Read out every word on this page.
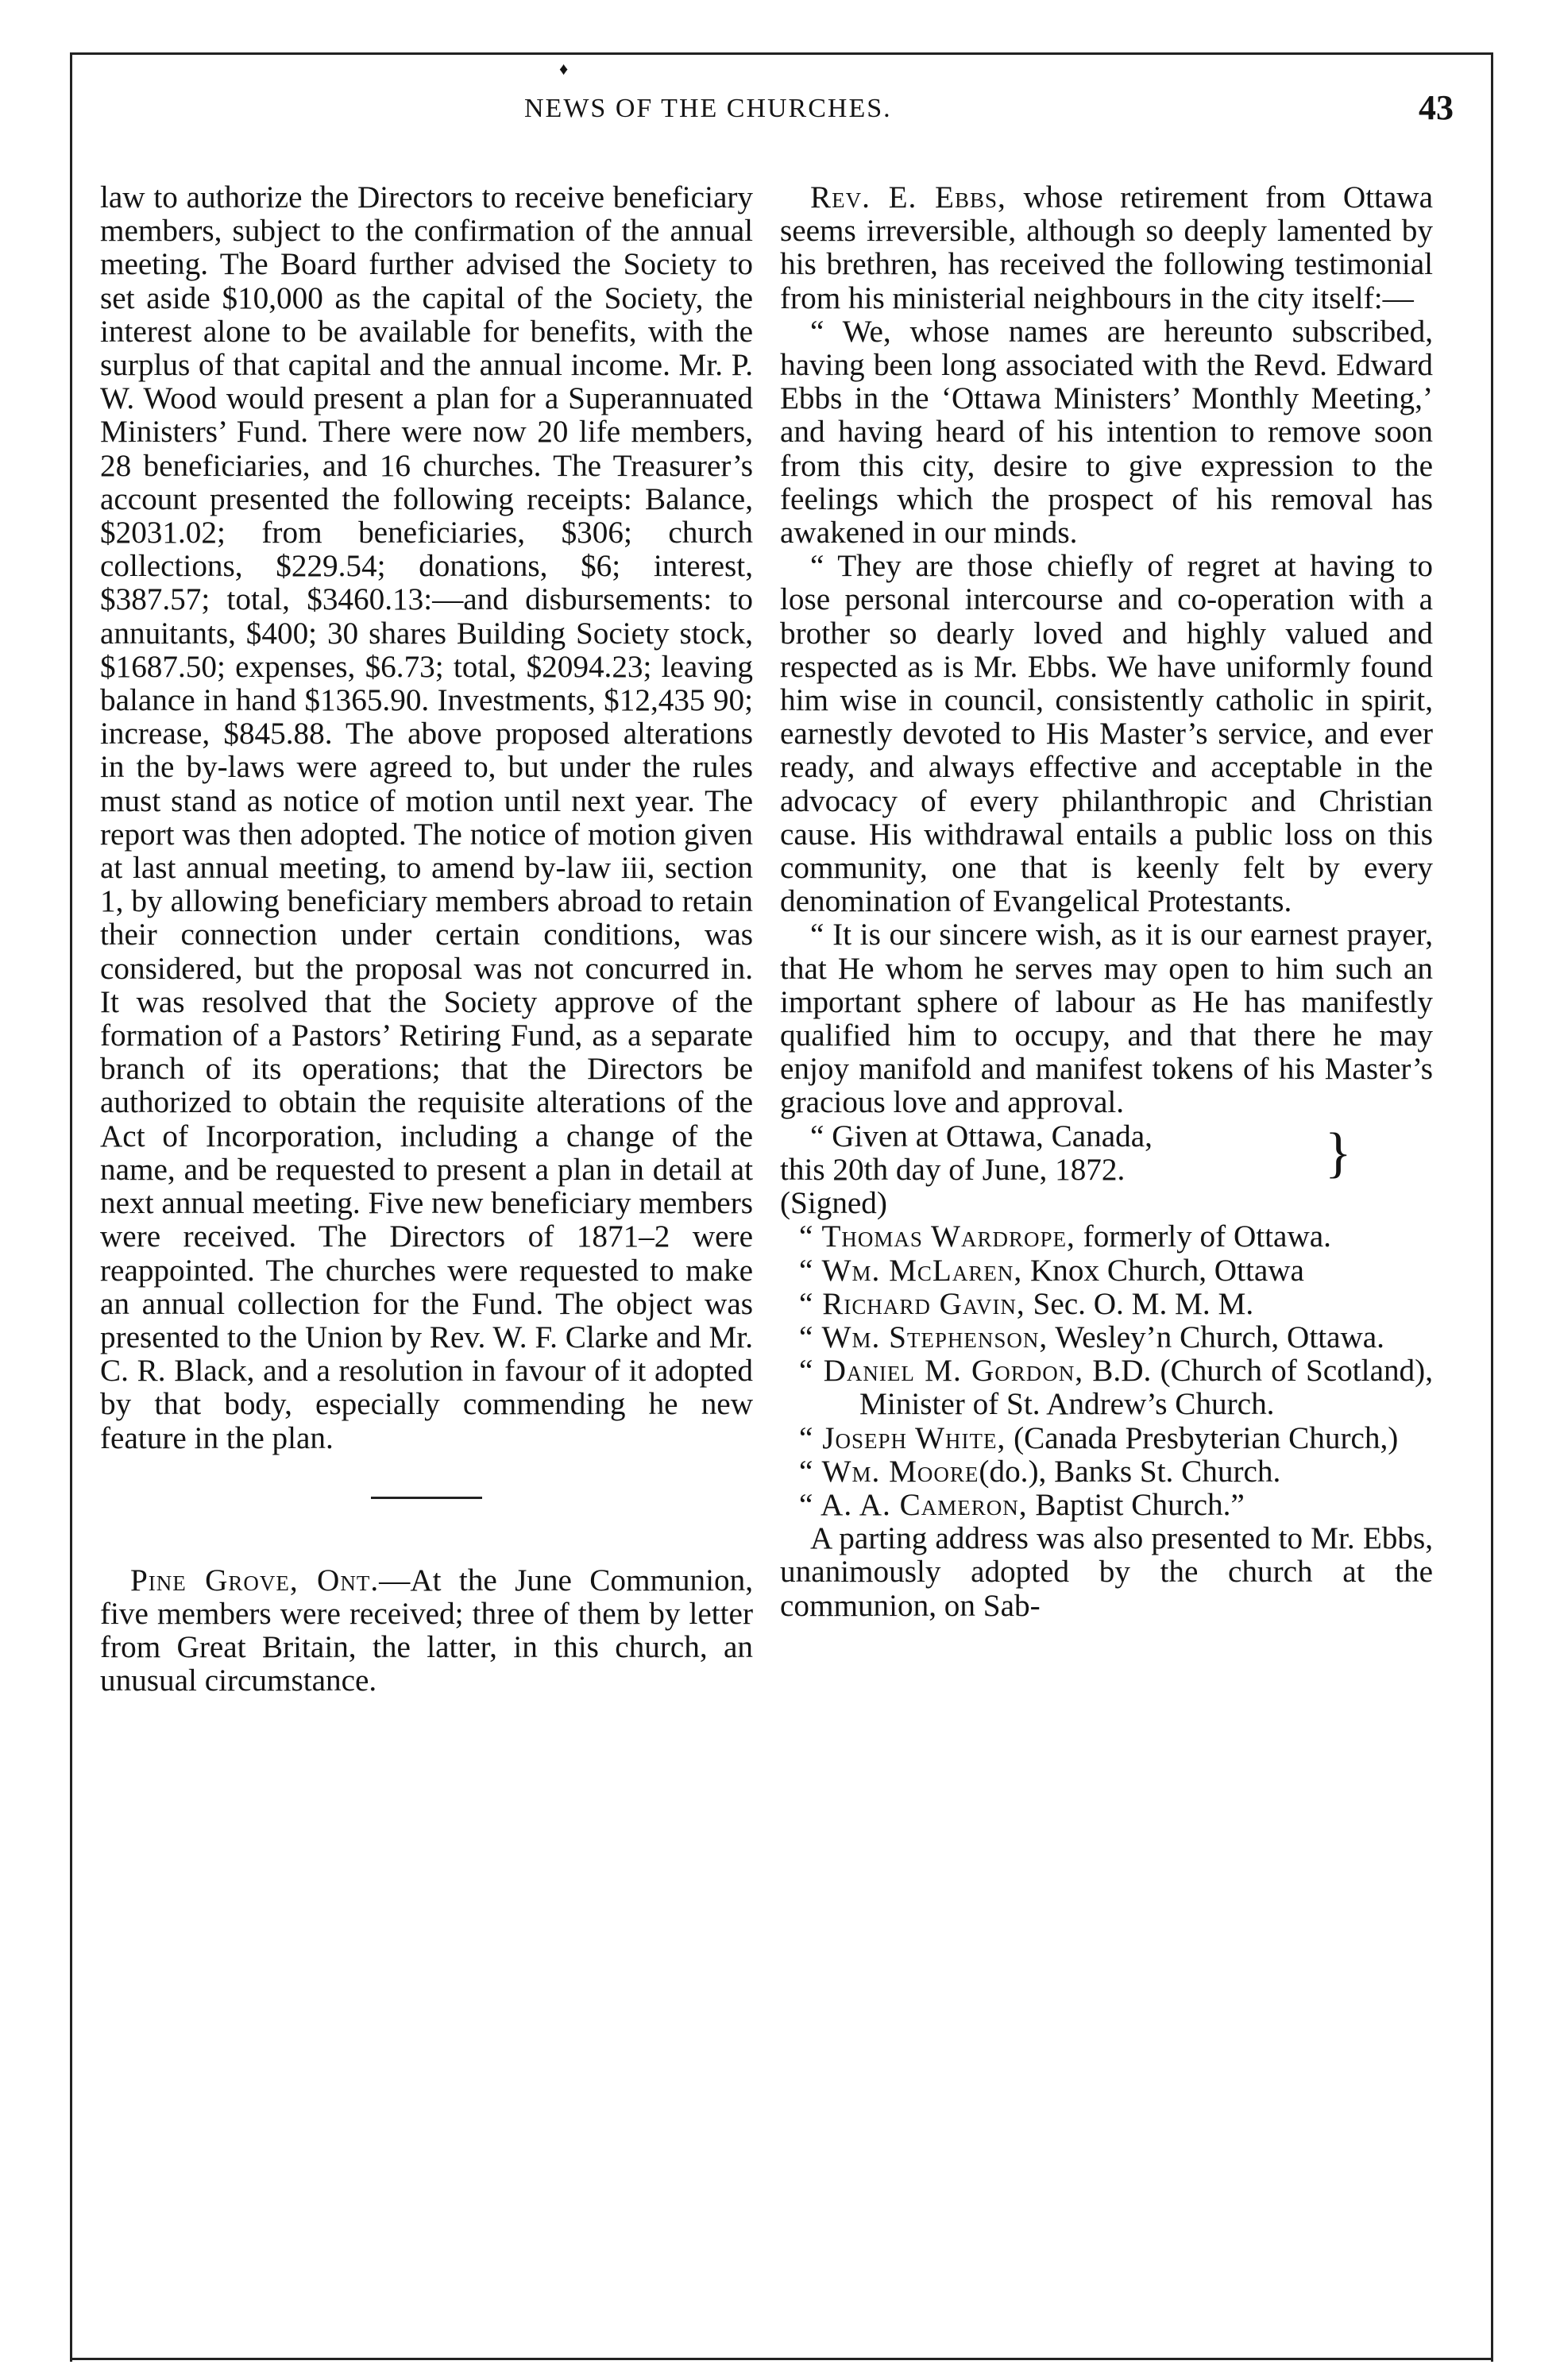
♦
NEWS OF THE CHURCHES.	43

law to authorize the Directors to receive beneficiary members, subject to the confirmation of the annual meeting. The Board further advised the Society to set aside $10,000 as the capital of the Society, the interest alone to be available for benefits, with the surplus of that capital and the annual income. Mr. P. W. Wood would present a plan for a Superannuated Ministers’ Fund. There were now 20 life members, 28 beneficiaries, and 16 churches. The Treasurer’s account presented the following receipts: Balance, $2031.02; from beneficiaries, $306; church collections, $229.54; donations, $6; interest, $387.57; total, $3460.13:—and disbursements: to annuitants, $400; 30 shares Building Society stock, $1687.50; expenses, $6.73; total, $2094.23; leaving balance in hand $1365.90. Investments, $12,435 90; increase, $845.88. The above proposed alterations in the by-laws were agreed to, but under the rules must stand as notice of motion until next year. The report was then adopted. The notice of motion given at last annual meeting, to amend by-law iii, section 1, by allowing beneficiary members abroad to retain their connection under certain conditions, was considered, but the proposal was not concurred in. It was resolved that the Society approve of the formation of a Pastors’ Retiring Fund, as a separate branch of its operations; that the Directors be authorized to obtain the requisite alterations of the Act of Incorporation, including a change of the name, and be requested to present a plan in detail at next annual meeting. Five new beneficiary members were received. The Directors of 1871–2 were reappointed. The churches were requested to make an annual collection for the Fund. The object was presented to the Union by Rev. W. F. Clarke and Mr. C. R. Black, and a resolution in favour of it adopted by that body, especially commending he new feature in the plan.

Pine Grove, Ont.—At the June Communion, five members were received; three of them by letter from Great Britain, the latter, in this church, an unusual circumstance.

Rev. E. Ebbs, whose retirement from Ottawa seems irreversible, although so deeply lamented by his brethren, has received the following testimonial from his ministerial neighbours in the city itself:—

“ We, whose names are hereunto subscribed, having been long associated with the Revd. Edward Ebbs in the ‘Ottawa Ministers’ Monthly Meeting,’ and having heard of his intention to remove soon from this city, desire to give expression to the feelings which the prospect of his removal has awakened in our minds.

“ They are those chiefly of regret at having to lose personal intercourse and co-operation with a brother so dearly loved and highly valued and respected as is Mr. Ebbs. We have uniformly found him wise in council, consistently catholic in spirit, earnestly devoted to His Master’s service, and ever ready, and always effective and acceptable in the advocacy of every philanthropic and Christian cause. His withdrawal entails a public loss on this community, one that is keenly felt by every denomination of Evangelical Protestants.

“ It is our sincere wish, as it is our earnest prayer, that He whom he serves may open to him such an important sphere of labour as He has manifestly qualified him to occupy, and that there he may enjoy manifold and manifest tokens of his Master’s gracious love and approval.

“ Given at Ottawa, Canada,
this 20th day of June, 1872.	}

(Signed)

“ Thomas Wardrope, formerly of Ottawa.

“ Wm. McLaren, Knox Church, Ottawa

“ Richard Gavin, Sec. O. M. M. M.

“ Wm. Stephenson, Wesley’n Church, Ottawa.

“ Daniel M. Gordon, B.D. (Church of Scotland), Minister of St. Andrew’s Church.

“ Joseph White, (Canada Presbyterian Church,)

“ Wm. Moore(do.), Banks St. Church.

“ A. A. Cameron, Baptist Church.”

A parting address was also presented to Mr. Ebbs, unanimously adopted by the church at the communion, on Sab-
